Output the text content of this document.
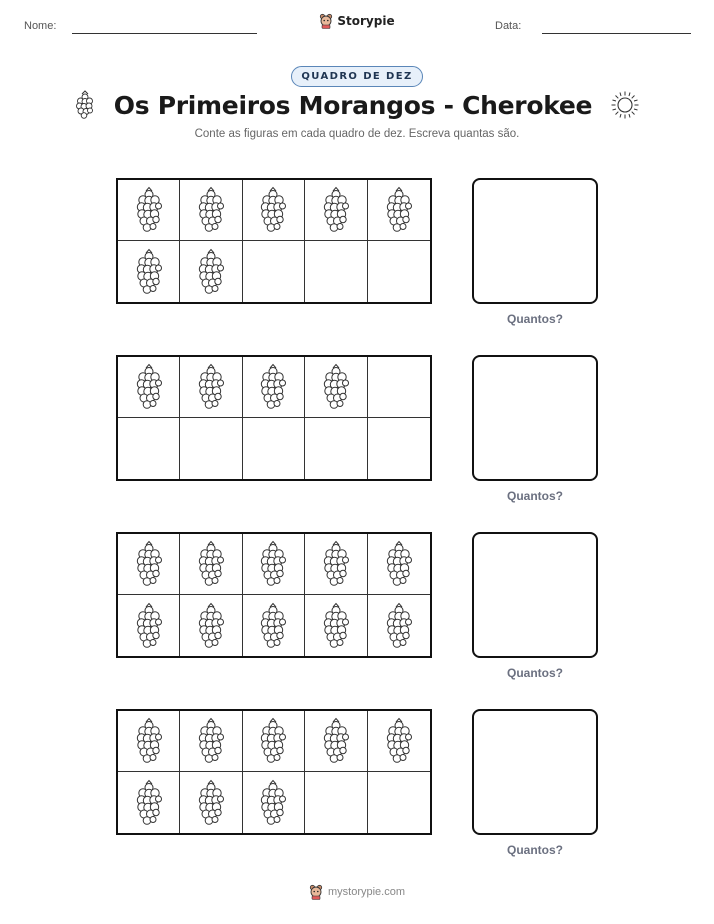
Nome:	Storypie	Data:
QUADRO DE DEZ
Os Primeiros Morangos - Cherokee
Conte as figuras em cada quadro de dez. Escreva quantas são.
Quantos?
Quantos?
Quantos?
Quantos?
mystorypie.com
